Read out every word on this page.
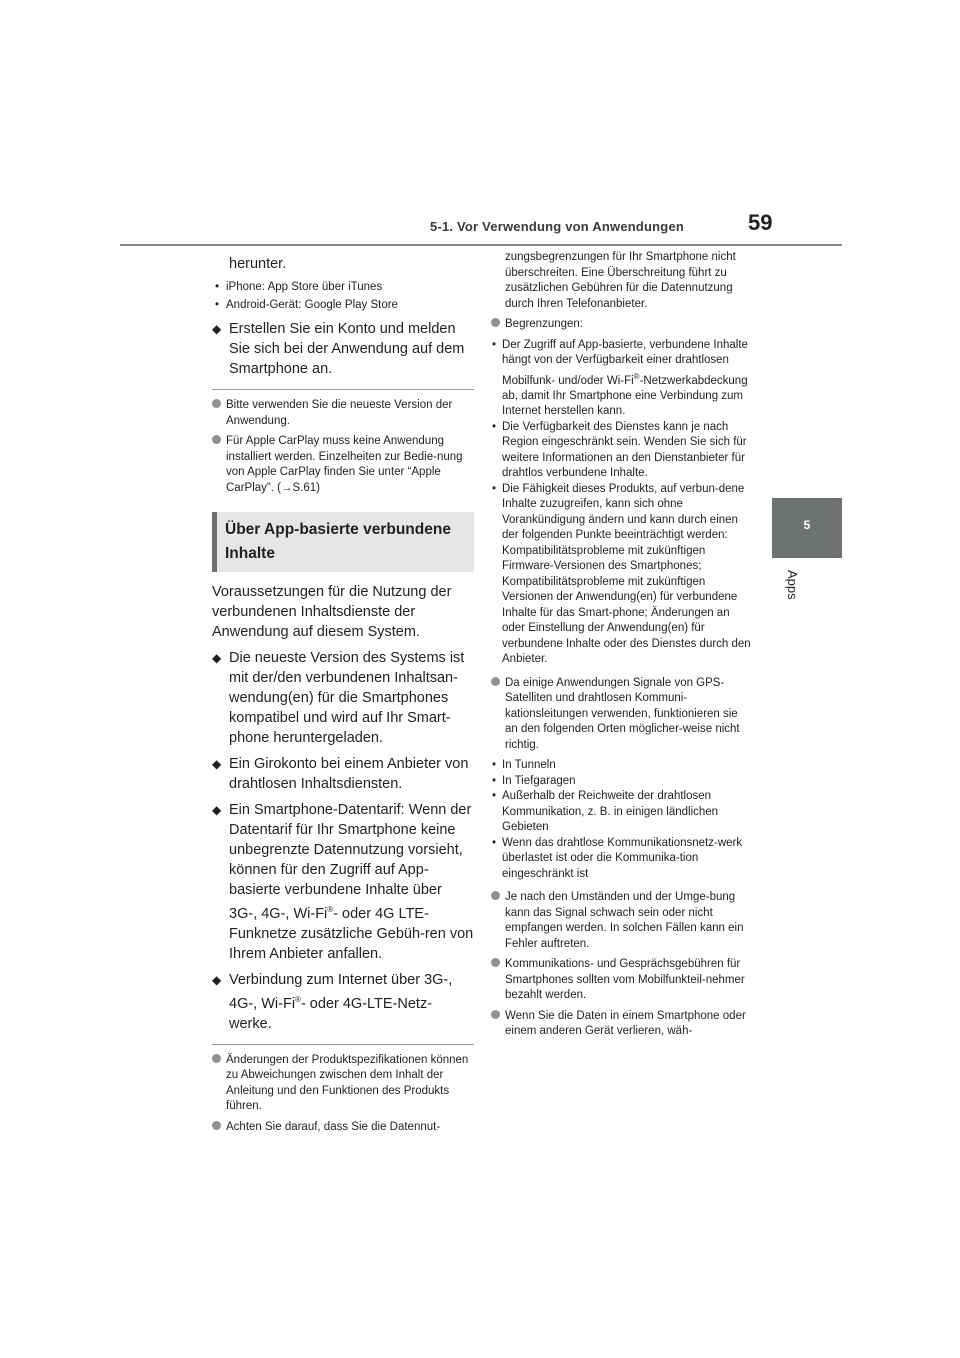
5-1. Vor Verwendung von Anwendungen	59
5
Apps
herunter.
• iPhone: App Store über iTunes
• Android-Gerät: Google Play Store
◆ Erstellen Sie ein Konto und melden Sie sich bei der Anwendung auf dem Smartphone an.
Bitte verwenden Sie die neueste Version der Anwendung.
Für Apple CarPlay muss keine Anwendung installiert werden. Einzelheiten zur Bedie-nung von Apple CarPlay finden Sie unter “Apple CarPlay”. (→S.61)
Über App-basierte verbundene Inhalte
Voraussetzungen für die Nutzung der verbundenen Inhaltsdienste der Anwendung auf diesem System.
◆ Die neueste Version des Systems ist mit der/den verbundenen Inhaltsan-wendung(en) für die Smartphones kompatibel und wird auf Ihr Smart-phone heruntergeladen.
◆ Ein Girokonto bei einem Anbieter von drahtlosen Inhaltsdiensten.
◆ Ein Smartphone-Datentarif: Wenn der Datentarif für Ihr Smartphone keine unbegrenzte Datennutzung vorsieht, können für den Zugriff auf App-basierte verbundene Inhalte über 3G-, 4G-, Wi-Fi®- oder 4G LTE-Funknetze zusätzliche Gebüh-ren von Ihrem Anbieter anfallen.
◆ Verbindung zum Internet über 3G-, 4G-, Wi-Fi®- oder 4G-LTE-Netz-werke.
Änderungen der Produktspezifikationen können zu Abweichungen zwischen dem Inhalt der Anleitung und den Funktionen des Produkts führen.
Achten Sie darauf, dass Sie die Datennut-
zungsbegrenzungen für Ihr Smartphone nicht überschreiten. Eine Überschreitung führt zu zusätzlichen Gebühren für die Datennutzung durch Ihren Telefonanbieter.
Begrenzungen:
• Der Zugriff auf App-basierte, verbundene Inhalte hängt von der Verfügbarkeit einer drahtlosen Mobilfunk- und/oder Wi-Fi®-Netzwerkabdeckung ab, damit Ihr Smartphone eine Verbindung zum Internet herstellen kann.
• Die Verfügbarkeit des Dienstes kann je nach Region eingeschränkt sein. Wenden Sie sich für weitere Informationen an den Dienstanbieter für drahtlos verbundene Inhalte.
• Die Fähigkeit dieses Produkts, auf verbun-dene Inhalte zuzugreifen, kann sich ohne Vorankündigung ändern und kann durch einen der folgenden Punkte beeinträchtigt werden: Kompatibilitätsprobleme mit zukünftigen Firmware-Versionen des Smartphones; Kompatibilitätsprobleme mit zukünftigen Versionen der Anwendung(en) für verbundene Inhalte für das Smart-phone; Änderungen an oder Einstellung der Anwendung(en) für verbundene Inhalte oder des Dienstes durch den Anbieter.
Da einige Anwendungen Signale von GPS-Satelliten und drahtlosen Kommuni-kationsleitungen verwenden, funktionieren sie an den folgenden Orten möglicher-weise nicht richtig.
• In Tunneln
• In Tiefgaragen
• Außerhalb der Reichweite der drahtlosen Kommunikation, z. B. in einigen ländlichen Gebieten
• Wenn das drahtlose Kommunikationsnetz-werk überlastet ist oder die Kommunika-tion eingeschränkt ist
Je nach den Umständen und der Umge-bung kann das Signal schwach sein oder nicht empfangen werden. In solchen Fällen kann ein Fehler auftreten.
Kommunikations- und Gesprächsgebühren für Smartphones sollten vom Mobilfunkteil-nehmer bezahlt werden.
Wenn Sie die Daten in einem Smartphone oder einem anderen Gerät verlieren, wäh-
